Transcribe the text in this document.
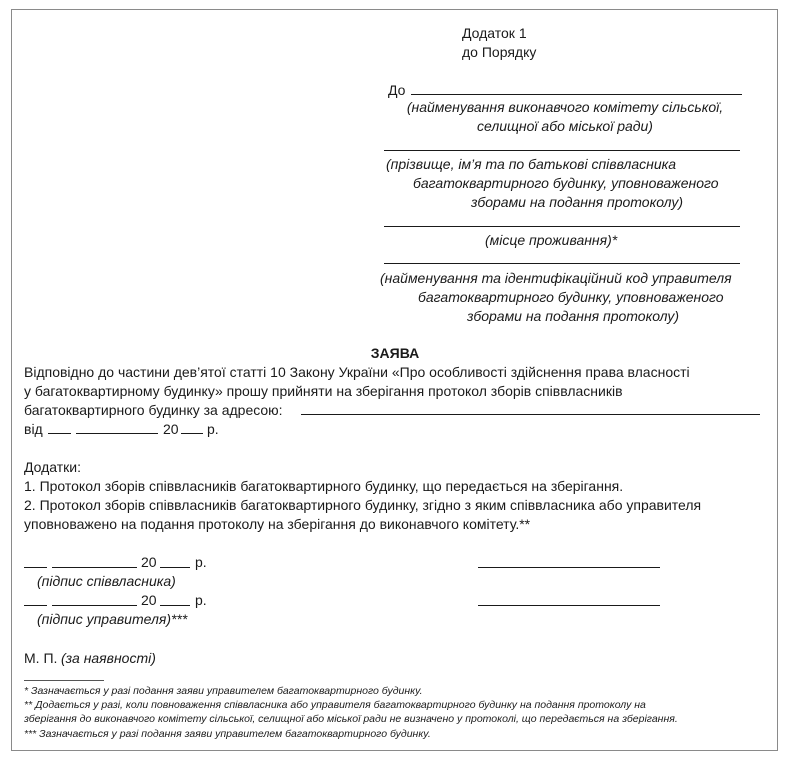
Додаток 1
до Порядку
До
(найменування виконавчого комітету сільської,
селищної або міської ради)
(прізвище, ім’я та по батькові співвласника
багатоквартирного будинку, уповноваженого
зборами на подання протоколу)
(місце проживання)*
(найменування та ідентифікаційний код управителя
багатоквартирного будинку, уповноваженого
зборами на подання протоколу)
ЗАЯВА
Відповідно до частини дев’ятої статті 10 Закону України «Про особливості здійснення права власності
у багатоквартирному будинку» прошу прийняти на зберігання протокол зборів співвласників
багатоквартирного будинку за адресою:
від	20 р.
Додатки:
1. Протокол зборів співвласників багатоквартирного будинку, що передається на зберігання.
2. Протокол зборів співвласників багатоквартирного будинку, згідно з яким співвласника або управителя
уповноважено на подання протоколу на зберігання до виконавчого комітету.**
20	р.
(підпис співвласника)
20	р.
(підпис управителя)***
М. П. (за наявності)
* Зазначається у разі подання заяви управителем багатоквартирного будинку.
** Додається у разі, коли повноваження співвласника або управителя багатоквартирного будинку на подання протоколу на
зберігання до виконавчого комітету сільської, селищної або міської ради не визначено у протоколі, що передається на зберігання.
*** Зазначається у разі подання заяви управителем багатоквартирного будинку.
